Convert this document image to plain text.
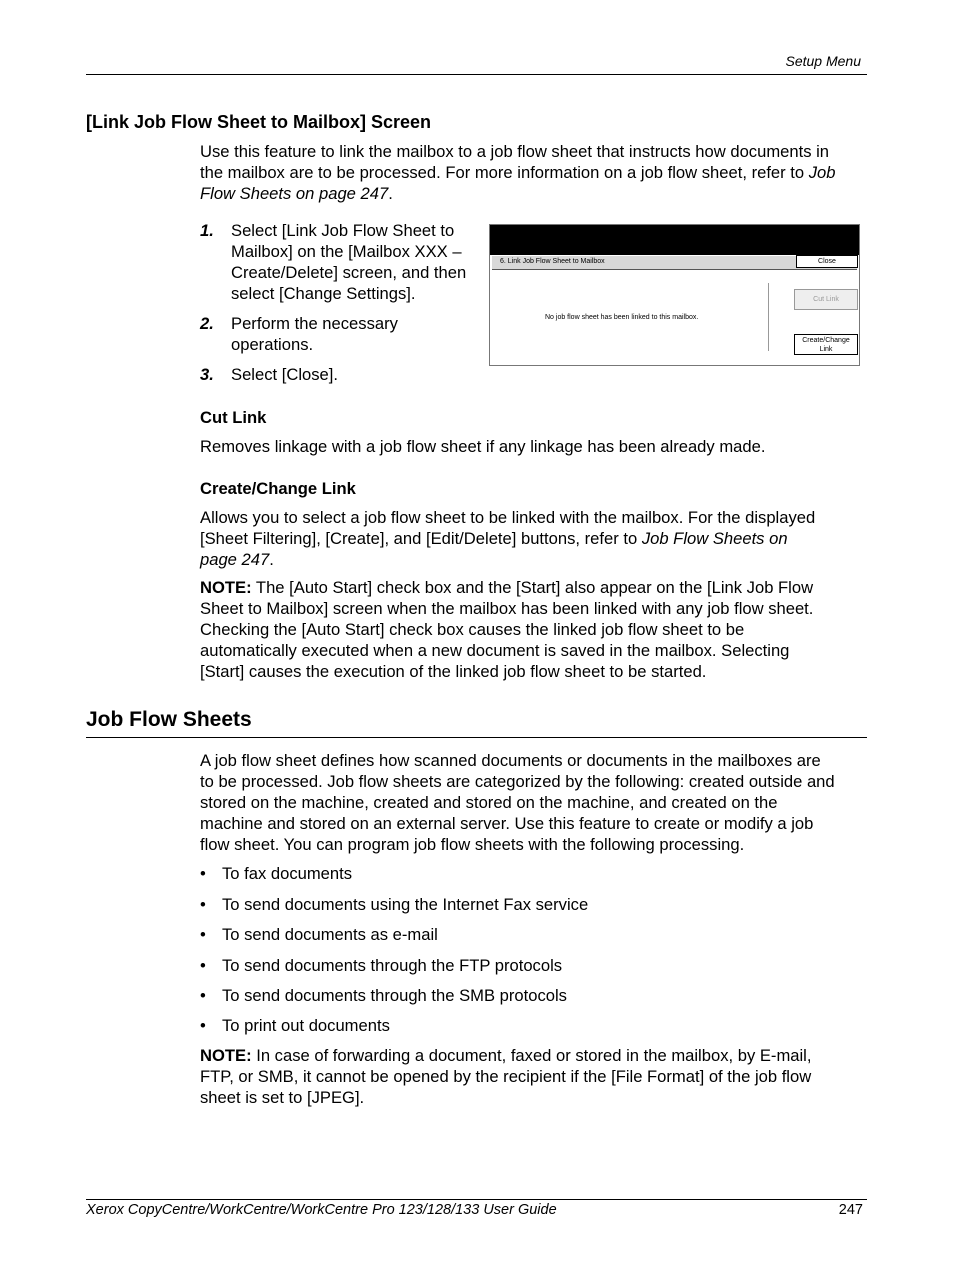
Setup Menu
[Link Job Flow Sheet to Mailbox] Screen
Use this feature to link the mailbox to a job flow sheet that instructs how documents in
the mailbox are to be processed. For more information on a job flow sheet, refer to Job
Flow Sheets on page 247.
1. Select [Link Job Flow Sheet to
Mailbox] on the [Mailbox XXX –
Create/Delete] screen, and then
select [Change Settings].
2. Perform the necessary
operations.
3. Select [Close].
6. Link Job Flow Sheet to Mailbox	Close
No job flow sheet has been linked to this mailbox.
Cut Link
Create/Change
Link
Cut Link
Removes linkage with a job flow sheet if any linkage has been already made.
Create/Change Link
Allows you to select a job flow sheet to be linked with the mailbox. For the displayed
[Sheet Filtering], [Create], and [Edit/Delete] buttons, refer to Job Flow Sheets on
page 247.
NOTE: The [Auto Start] check box and the [Start] also appear on the [Link Job Flow
Sheet to Mailbox] screen when the mailbox has been linked with any job flow sheet.
Checking the [Auto Start] check box causes the linked job flow sheet to be
automatically executed when a new document is saved in the mailbox. Selecting
[Start] causes the execution of the linked job flow sheet to be started.
Job Flow Sheets
A job flow sheet defines how scanned documents or documents in the mailboxes are
to be processed. Job flow sheets are categorized by the following: created outside and
stored on the machine, created and stored on the machine, and created on the
machine and stored on an external server. Use this feature to create or modify a job
flow sheet. You can program job flow sheets with the following processing.
• To fax documents
• To send documents using the Internet Fax service
• To send documents as e-mail
• To send documents through the FTP protocols
• To send documents through the SMB protocols
• To print out documents
NOTE: In case of forwarding a document, faxed or stored in the mailbox, by E-mail,
FTP, or SMB, it cannot be opened by the recipient if the [File Format] of the job flow
sheet is set to [JPEG].
Xerox CopyCentre/WorkCentre/WorkCentre Pro 123/128/133 User Guide	247
